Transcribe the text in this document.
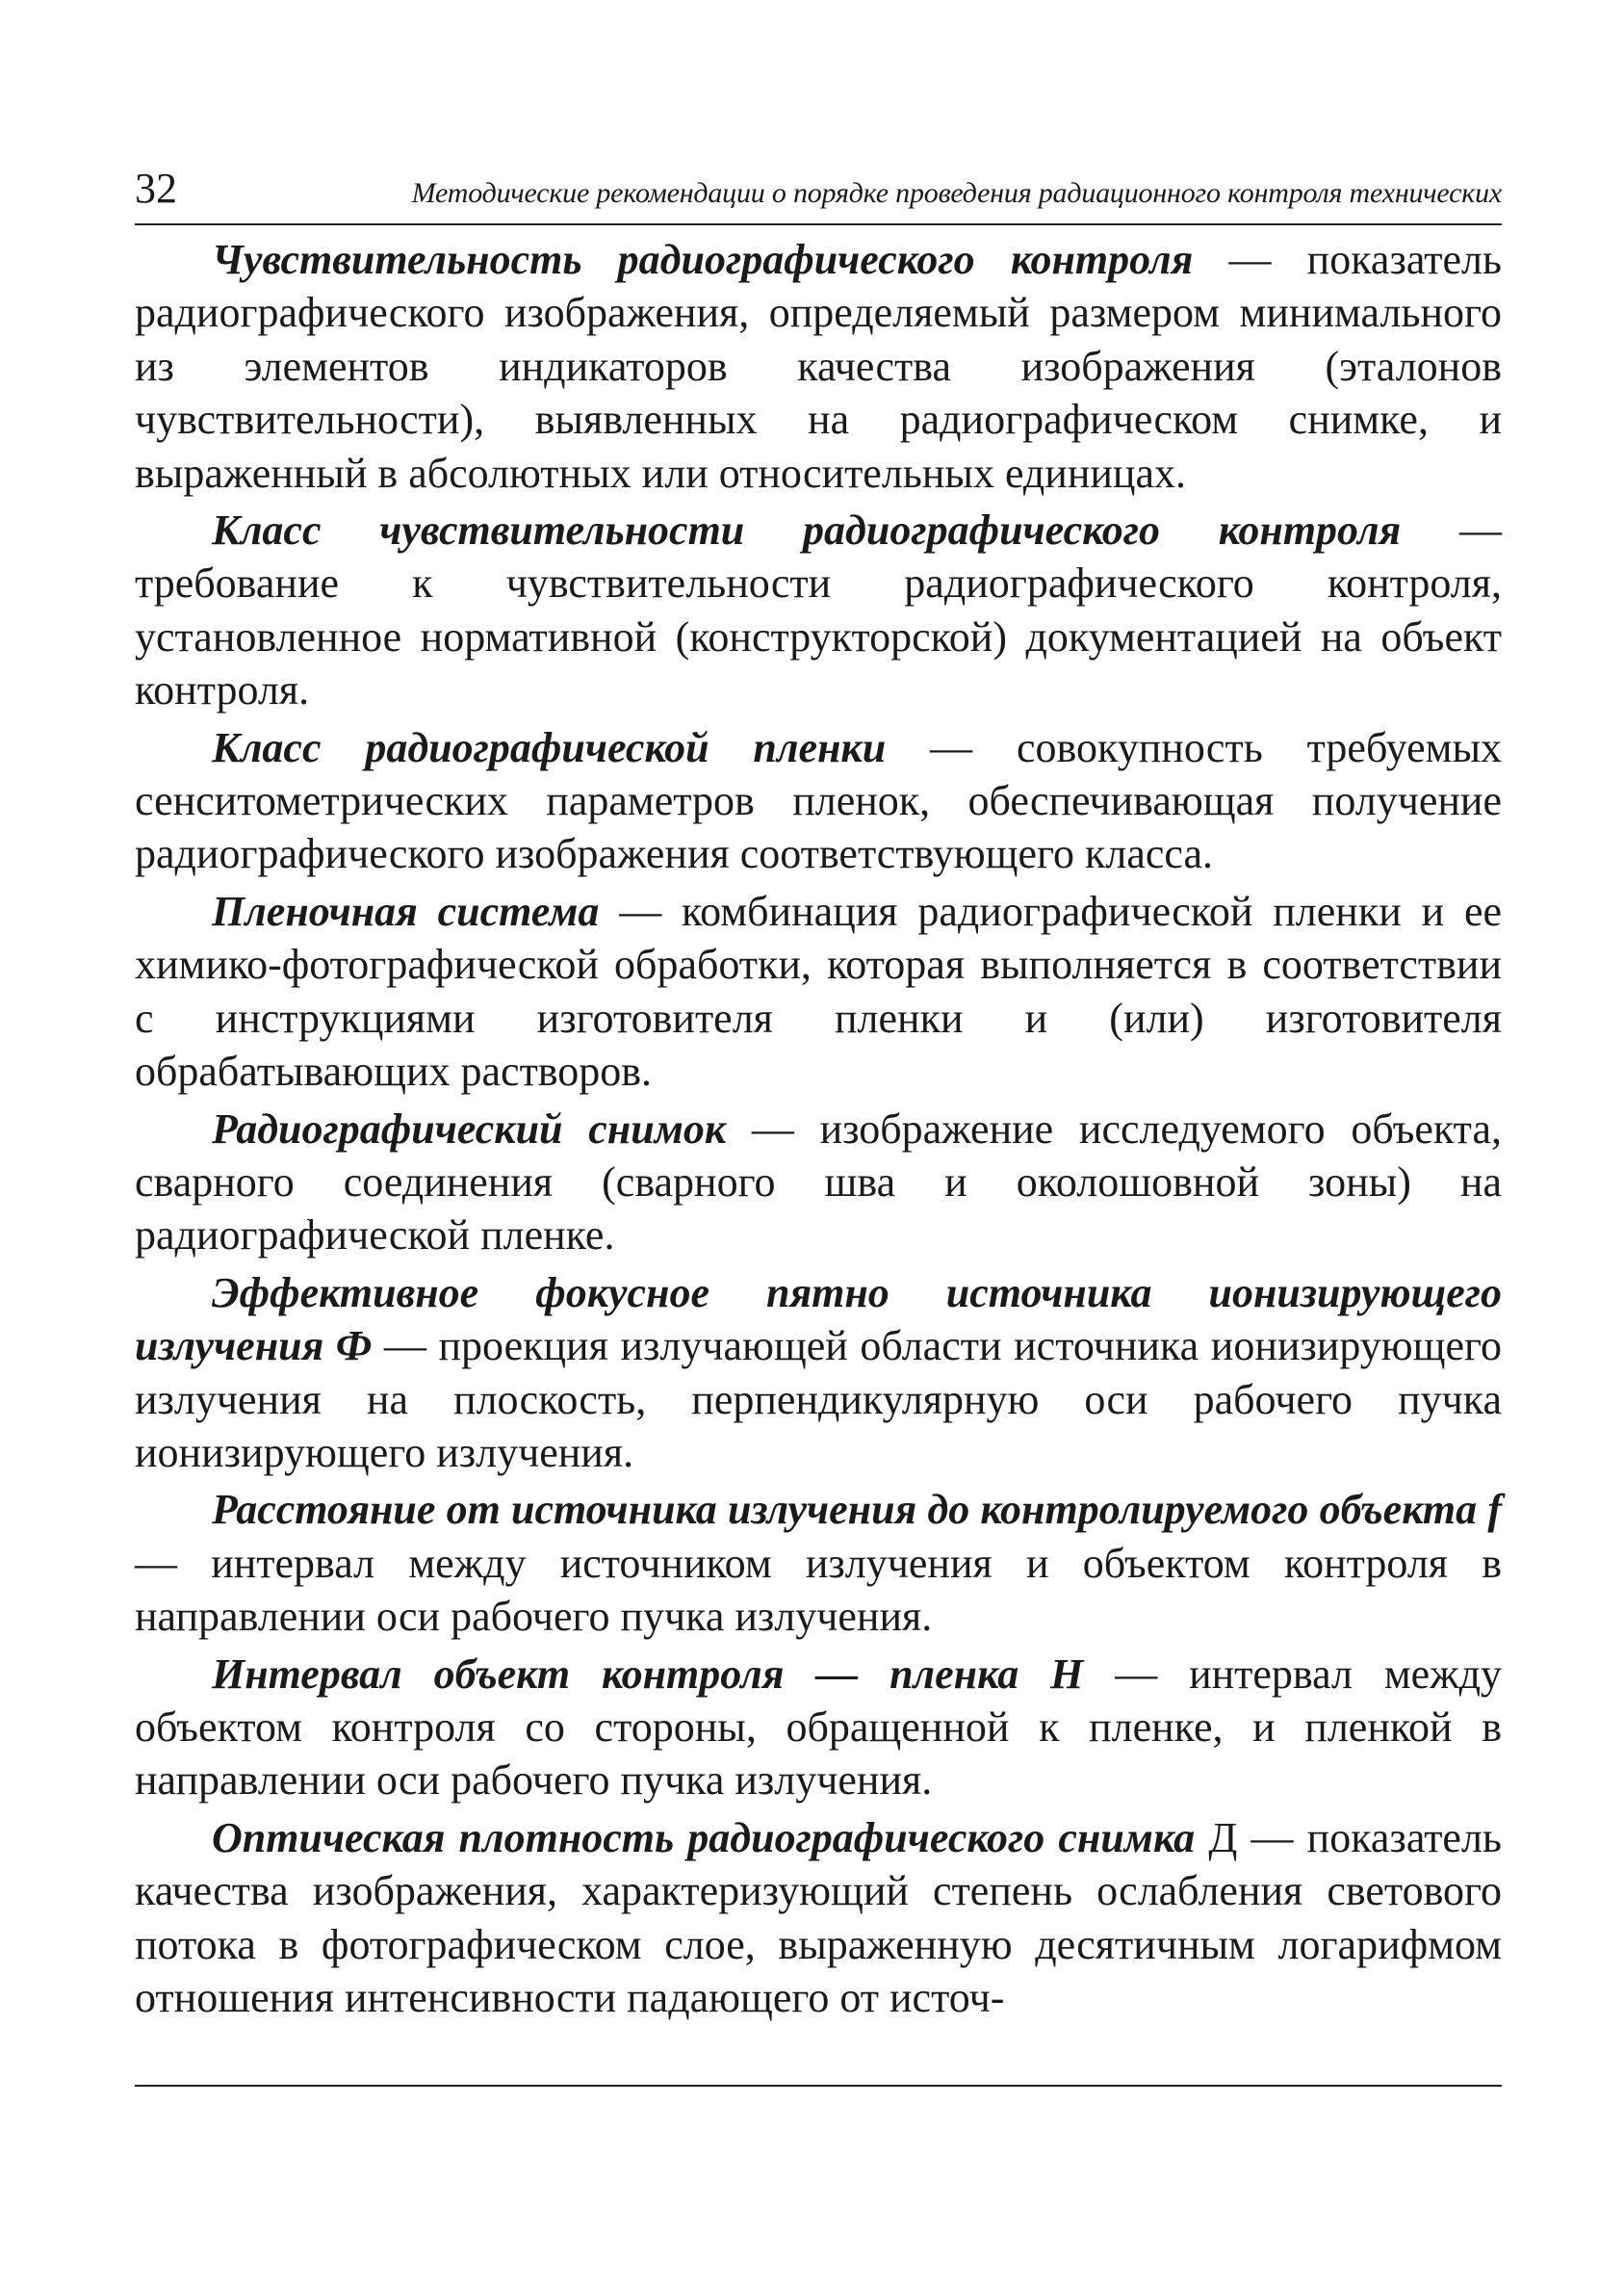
32	Методические рекомендации о порядке проведения радиационного контроля технических

Чувствительность радиографического контроля — показатель радиографического изображения, определяемый размером минимального из элементов индикаторов качества изображения (эталонов чувствительности), выявленных на радиографическом снимке, и выраженный в абсолютных или относительных единицах.

Класс чувствительности радиографического контроля — требование к чувствительности радиографического контроля, установленное нормативной (конструкторской) документацией на объект контроля.

Класс радиографической пленки — совокупность требуемых сенситометрических параметров пленок, обеспечивающая получение радиографического изображения соответствующего класса.

Пленочная система — комбинация радиографической пленки и ее химико-фотографической обработки, которая выполняется в соответствии с инструкциями изготовителя пленки и (или) изготовителя обрабатывающих растворов.

Радиографический снимок — изображение исследуемого объекта, сварного соединения (сварного шва и околошовной зоны) на радиографической пленке.

Эффективное фокусное пятно источника ионизирующего излучения Ф — проекция излучающей области источника ионизирующего излучения на плоскость, перпендикулярную оси рабочего пучка ионизирующего излучения.

Расстояние от источника излучения до контролируемого объекта f — интервал между источником излучения и объектом контроля в направлении оси рабочего пучка излучения.

Интервал объект контроля — пленка H — интервал между объектом контроля со стороны, обращенной к пленке, и пленкой в направлении оси рабочего пучка излучения.

Оптическая плотность радиографического снимка Д — показатель качества изображения, характеризующий степень ослабления светового потока в фотографическом слое, выраженную десятичным логарифмом отношения интенсивности падающего от источ-
